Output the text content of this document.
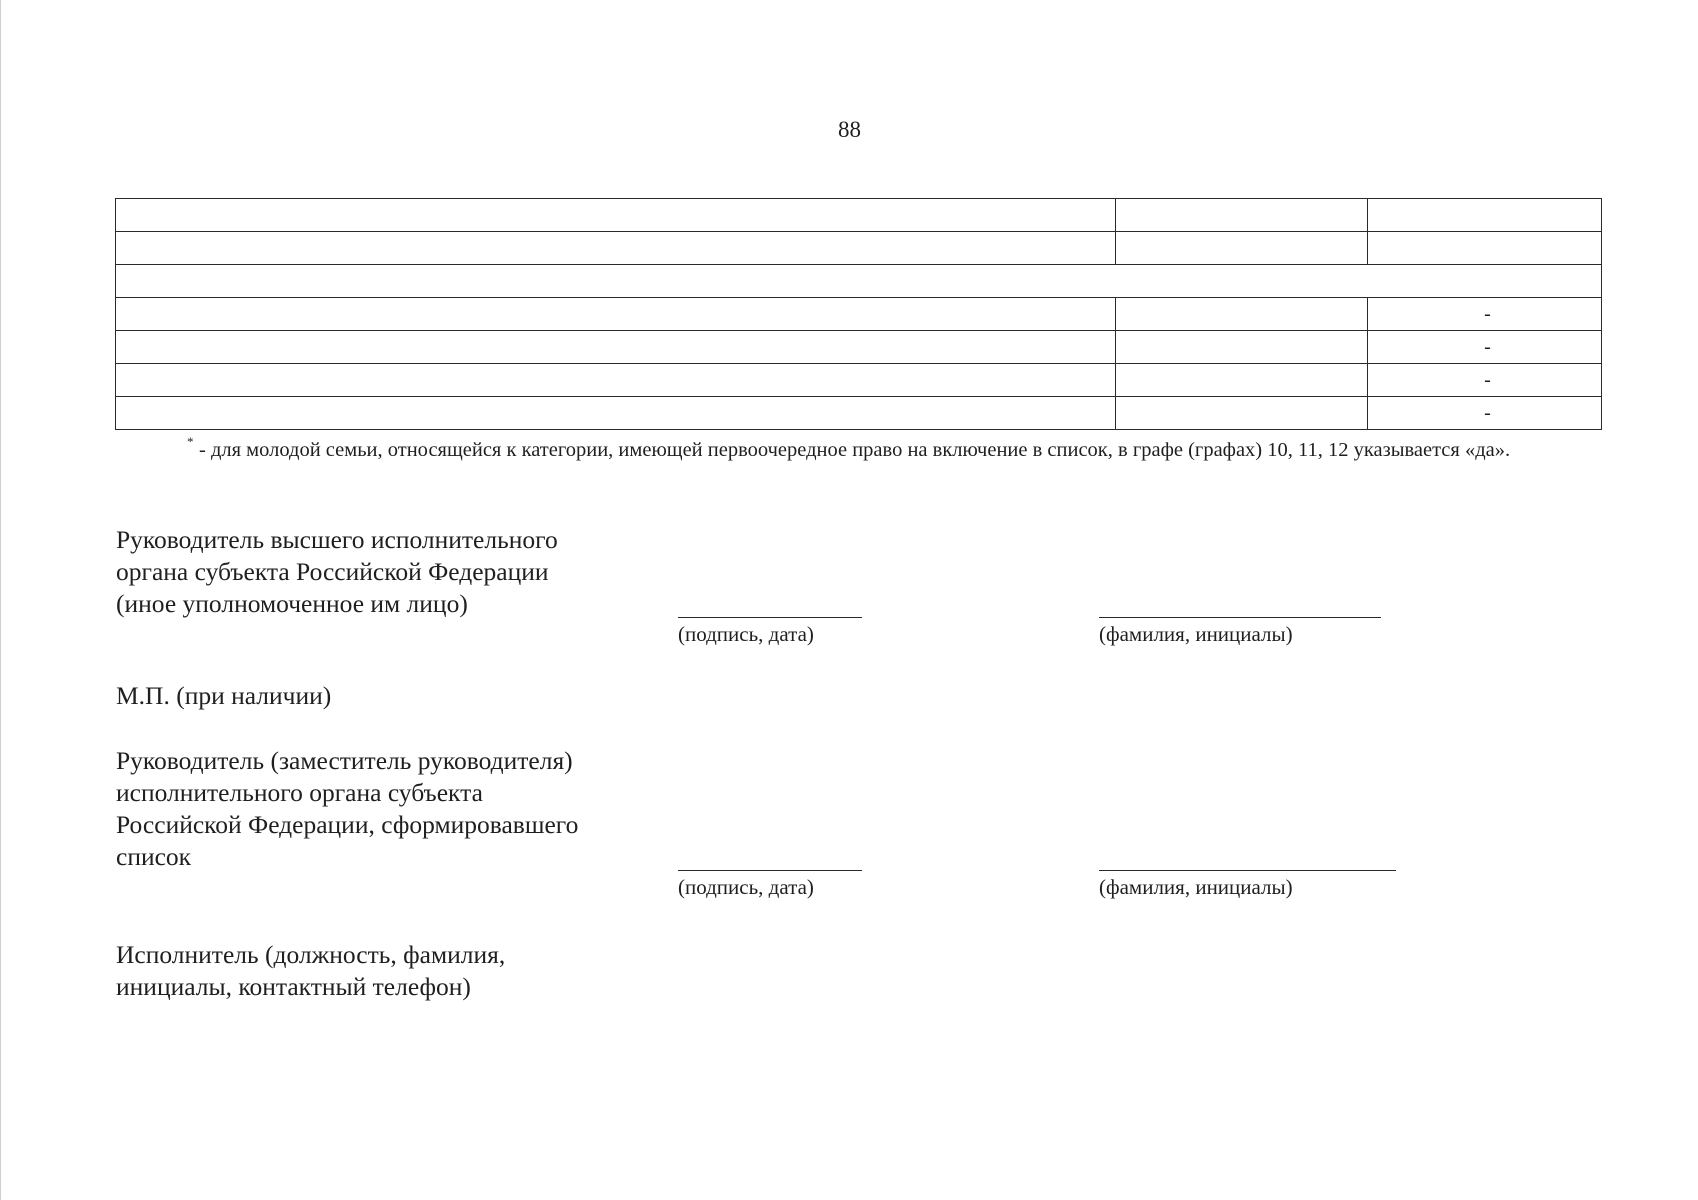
88

		-
		-
		-
		-
* - для молодой семьи, относящейся к категории, имеющей первоочередное право на включение в список, в графе (графах) 10, 11, 12 указывается «да».
Руководитель высшего исполнительного
органа субъекта Российской Федерации
(иное уполномоченное им лицо)
(подпись, дата)	(фамилия, инициалы)
М.П. (при наличии)
Руководитель (заместитель руководителя)
исполнительного органа субъекта
Российской Федерации, сформировавшего
список
(подпись, дата)	(фамилия, инициалы)
Исполнитель (должность, фамилия,
инициалы, контактный телефон)
